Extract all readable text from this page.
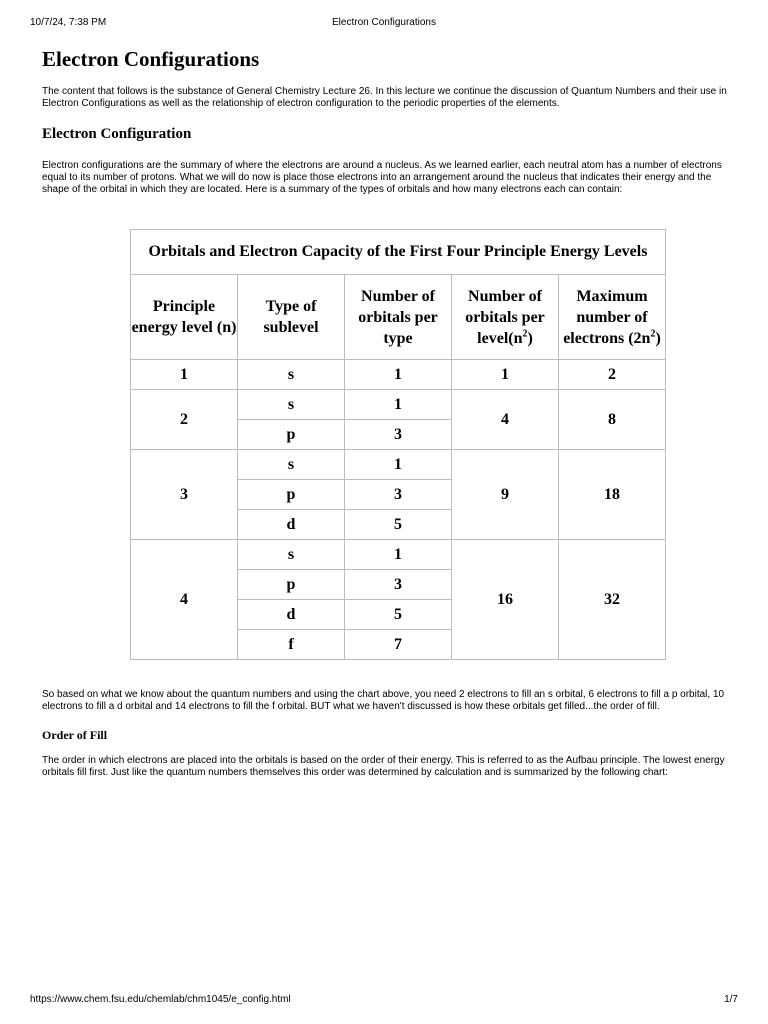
10/7/24, 7:38 PM	Electron Configurations
Electron Configurations

The content that follows is the substance of General Chemistry Lecture 26. In this lecture we continue the discussion of Quantum Numbers and their use in Electron Configurations as well as the relationship of electron configuration to the periodic properties of the elements.

Electron Configuration

Electron configurations are the summary of where the electrons are around a nucleus. As we learned earlier, each neutral atom has a number of electrons equal to its number of protons. What we will do now is place those electrons into an arrangement around the nucleus that indicates their energy and the shape of the orbital in which they are located. Here is a summary of the types of orbitals and how many electrons each can contain:

Orbitals and Electron Capacity of the First Four Principle Energy Levels				
Principle energy level (n)	Type of sublevel	Number of orbitals per type	Number of orbitals per $level(n^2)$	Maximum number of electrons $(2n^2)$
1	s	1	1	2
2	s	1	4	8
	p	3		
3	s	1	9	18
	p	3		
	d	5		
4	s	1	16	32
	p	3		
	d	5		
	f	7		

So based on what we know about the quantum numbers and using the chart above, you need 2 electrons to fill an s orbital, 6 electrons to fill a p orbital, 10 electrons to fill a d orbital and 14 electrons to fill the f orbital. BUT what we haven't discussed is how these orbitals get filled...the order of fill.

Order of Fill

The order in which electrons are placed into the orbitals is based on the order of their energy. This is referred to as the Aufbau principle. The lowest energy orbitals fill first. Just like the quantum numbers themselves this order was determined by calculation and is summarized by the following chart:

https://www.chem.fsu.edu/chemlab/chm1045/e_config.html	1/7
